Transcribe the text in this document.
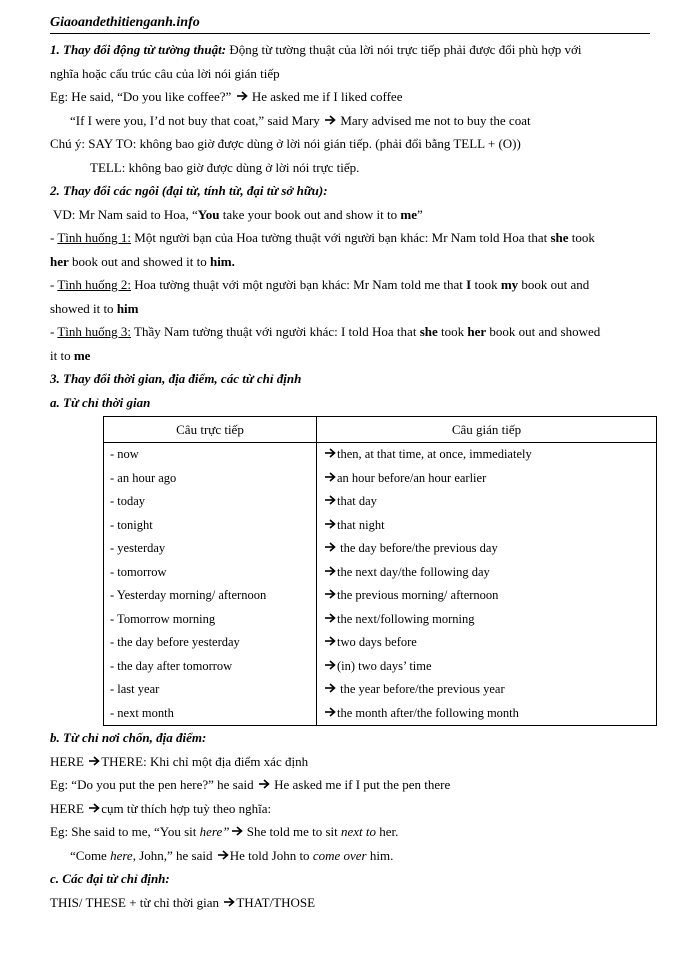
Giaoandethitienganh.info
1. Thay đổi động từ tường thuật: Động từ tường thuật của lời nói trực tiếp phải được đổi phù hợp với
nghĩa hoặc cấu trúc câu của lời nói gián tiếp
Eg: He said, “Do you like coffee?”  He asked me if I liked coffee
“If I were you, I’d not buy that coat,” said Mary  Mary advised me not to buy the coat
Chú ý: SAY TO: không bao giờ được dùng ở lời nói gián tiếp. (phải đổi bằng TELL + (O))
TELL: không bao giờ được dùng ở lời nói trực tiếp.
2. Thay đổi các ngôi (đại từ, tính từ, đại từ sở hữu):
VD: Mr Nam said to Hoa, “You take your book out and show it to me”
- Tình huống 1: Một người bạn của Hoa tường thuật với người bạn khác: Mr Nam told Hoa that she took
her book out and showed it to him.
- Tình huống 2: Hoa tường thuật với một người bạn khác: Mr Nam told me that I took my book out and
showed it to him
- Tình huống 3: Thầy Nam tường thuật với người khác: I told Hoa that she took her book out and showed
it to me
3. Thay đổi thời gian, địa điểm, các từ chỉ định
a. Từ chỉ thời gian
Câu trực tiếp	Câu gián tiếp
- now	then, at that time, at once, immediately
- an hour ago	an hour before/an hour earlier
- today	that day
- tonight	that night
- yesterday	the day before/the previous day
- tomorrow	the next day/the following day
- Yesterday morning/ afternoon	the previous morning/ afternoon
- Tomorrow morning	the next/following morning
- the day before yesterday	two days before
- the day after tomorrow	(in) two days’ time
- last year	the year before/the previous year
- next month	the month after/the following month
b. Từ chỉ nơi chốn, địa điểm:
HERE THERE: Khi chỉ một địa điểm xác định
Eg: “Do you put the pen here?” he said  He asked me if I put the pen there
HERE cụm từ thích hợp tuỳ theo nghĩa:
Eg: She said to me, “You sit here” She told me to sit next to her.
“Come here, John,” he said He told John to come over him.
c. Các đại từ chỉ định:
THIS/ THESE + từ chỉ thời gian THAT/THOSE
